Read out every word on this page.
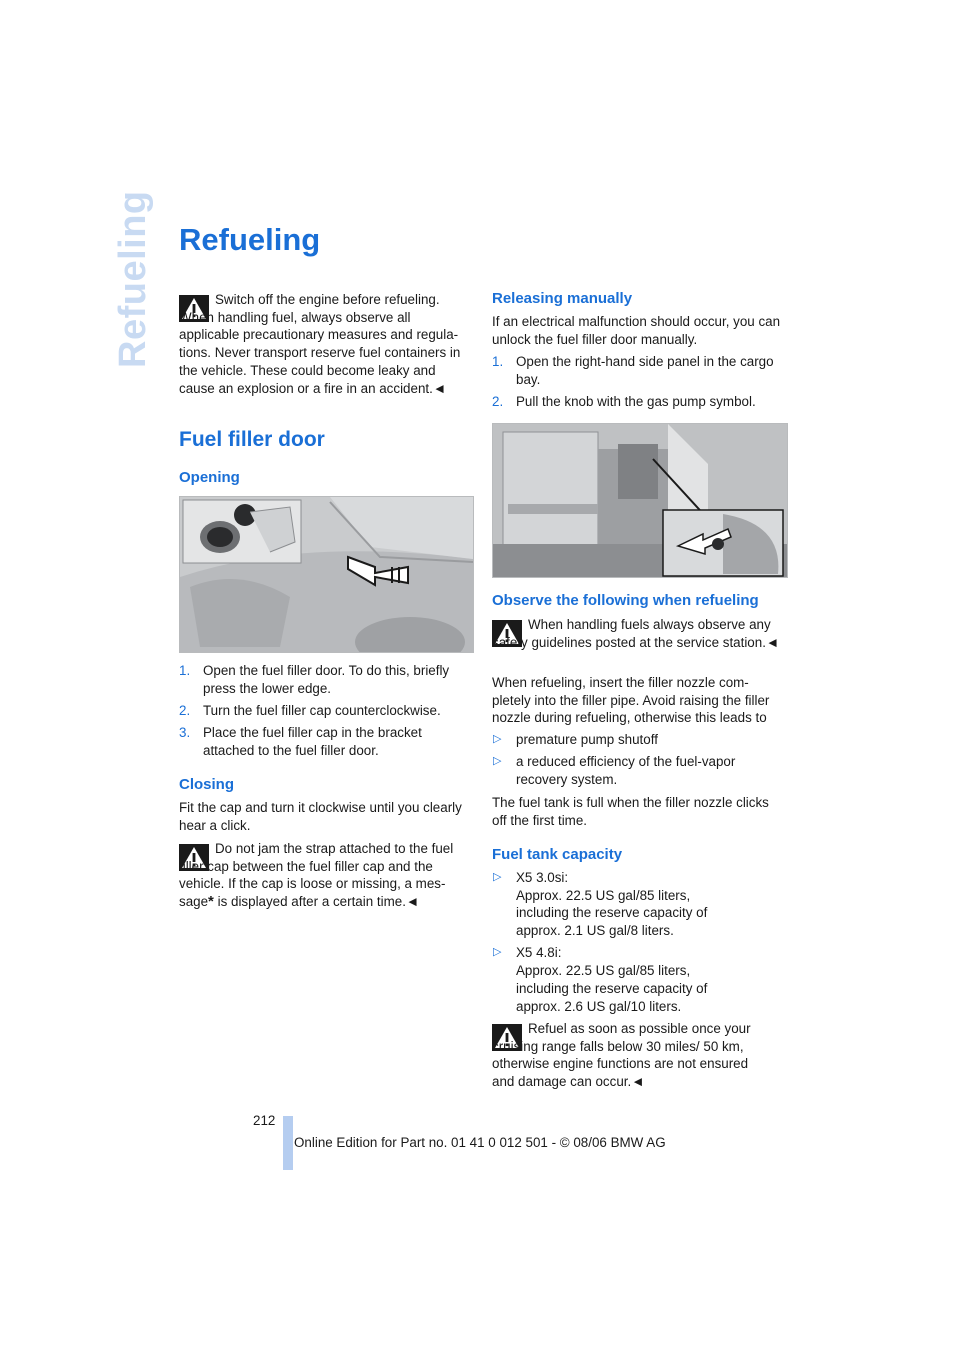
Refueling Refueling

Switch off the engine before refueling. When handling fuel, always observe all applicable precautionary measures and regula-tions. Never transport reserve fuel containers in the vehicle. These could become leaky and cause an explosion or a fire in an accident.◄

Fuel filler door
Opening
1. Open the fuel filler door. To do this, briefly press the lower edge.
2. Turn the fuel filler cap counterclockwise.
3. Place the fuel filler cap in the bracket attached to the fuel filler door.
Closing

Fit the cap and turn it clockwise until you clearly hear a click.

Do not jam the strap attached to the fuel filler cap between the fuel filler cap and the vehicle. If the cap is loose or missing, a mes-sage* is displayed after a certain time.◄

Releasing manually

If an electrical malfunction should occur, you can unlock the fuel filler door manually.

1. Open the right-hand side panel in the cargo bay.
2. Pull the knob with the gas pump symbol.
Observe the following when refueling

When handling fuels always observe any safety guidelines posted at the service station.◄

When refueling, insert the filler nozzle com-pletely into the filler pipe. Avoid raising the filler nozzle during refueling, otherwise this leads to

▷ premature pump shutoff
▷ a reduced efficiency of the fuel-vapor recovery system.

The fuel tank is full when the filler nozzle clicks off the first time.

Fuel tank capacity
▷ X5 3.0si:
Approx. 22.5 US gal/85 liters, including the reserve capacity of approx. 2.1 US gal/8 liters.
▷ X5 4.8i:
Approx. 22.5 US gal/85 liters, including the reserve capacity of approx. 2.6 US gal/10 liters.

Refuel as soon as possible once your cruising range falls below 30 miles/ 50 km, otherwise engine functions are not ensured and damage can occur.◄

212
Online Edition for Part no. 01 41 0 012 501 - © 08/06 BMW AG
